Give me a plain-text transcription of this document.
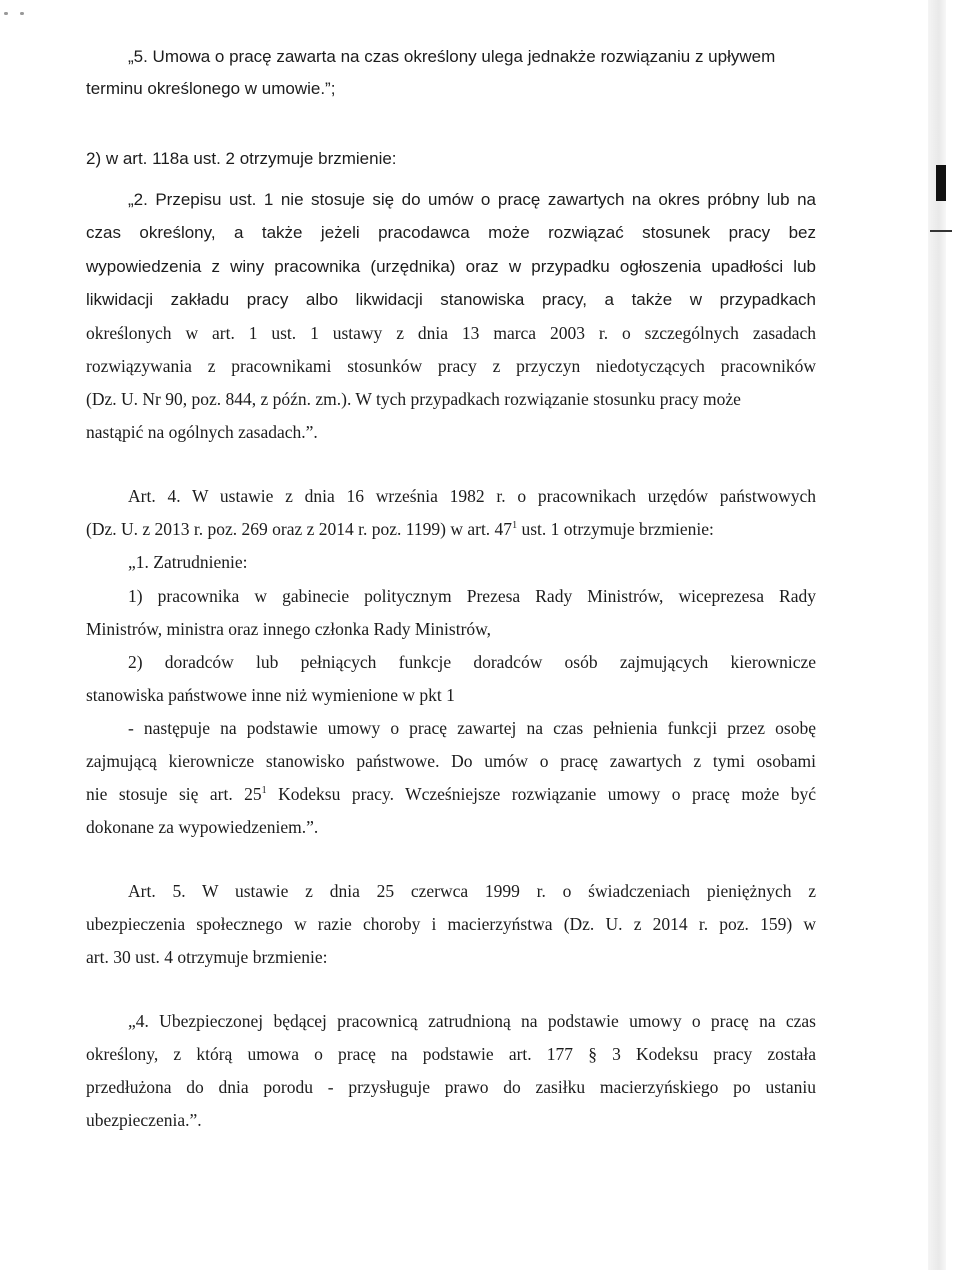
„5. Umowa o pracę zawarta na czas określony ulega jednakże rozwiązaniu z upływem
terminu określonego w umowie.”;
2) w art. 118a ust. 2 otrzymuje brzmienie:
„2. Przepisu ust. 1 nie stosuje się do umów o pracę zawartych na okres próbny lub na
czas określony, a także jeżeli pracodawca może rozwiązać stosunek pracy bez
wypowiedzenia z winy pracownika (urzędnika) oraz w przypadku ogłoszenia upadłości lub
likwidacji zakładu pracy albo likwidacji stanowiska pracy, a także w przypadkach
określonych w art. 1 ust. 1 ustawy z dnia 13 marca 2003 r. o szczególnych zasadach
rozwiązywania z pracownikami stosunków pracy z przyczyn niedotyczących pracowników
(Dz. U. Nr 90, poz. 844, z późn. zm.). W tych przypadkach rozwiązanie stosunku pracy może
nastąpić na ogólnych zasadach.”.
Art. 4. W ustawie z dnia 16 września 1982 r. o pracownikach urzędów państwowych
(Dz. U. z 2013 r. poz. 269 oraz z 2014 r. poz. 1199) w art. $47^1$ ust. 1 otrzymuje brzmienie:
„1. Zatrudnienie:
1) pracownika w gabinecie politycznym Prezesa Rady Ministrów, wiceprezesa Rady
Ministrów, ministra oraz innego członka Rady Ministrów,
2) doradców lub pełniących funkcje doradców osób zajmujących kierownicze
stanowiska państwowe inne niż wymienione w pkt 1
- następuje na podstawie umowy o pracę zawartej na czas pełnienia funkcji przez osobę
zajmującą kierownicze stanowisko państwowe. Do umów o pracę zawartych z tymi osobami
nie stosuje się art. $25^1$ Kodeksu pracy. Wcześniejsze rozwiązanie umowy o pracę może być
dokonane za wypowiedzeniem.”.
Art. 5. W ustawie z dnia 25 czerwca 1999 r. o świadczeniach pieniężnych z
ubezpieczenia społecznego w razie choroby i macierzyństwa (Dz. U. z 2014 r. poz. 159) w
art. 30 ust. 4 otrzymuje brzmienie:
„4. Ubezpieczonej będącej pracownicą zatrudnioną na podstawie umowy o pracę na czas
określony, z którą umowa o pracę na podstawie art. 177 § 3 Kodeksu pracy została
przedłużona do dnia porodu - przysługuje prawo do zasiłku macierzyńskiego po ustaniu
ubezpieczenia.”.
